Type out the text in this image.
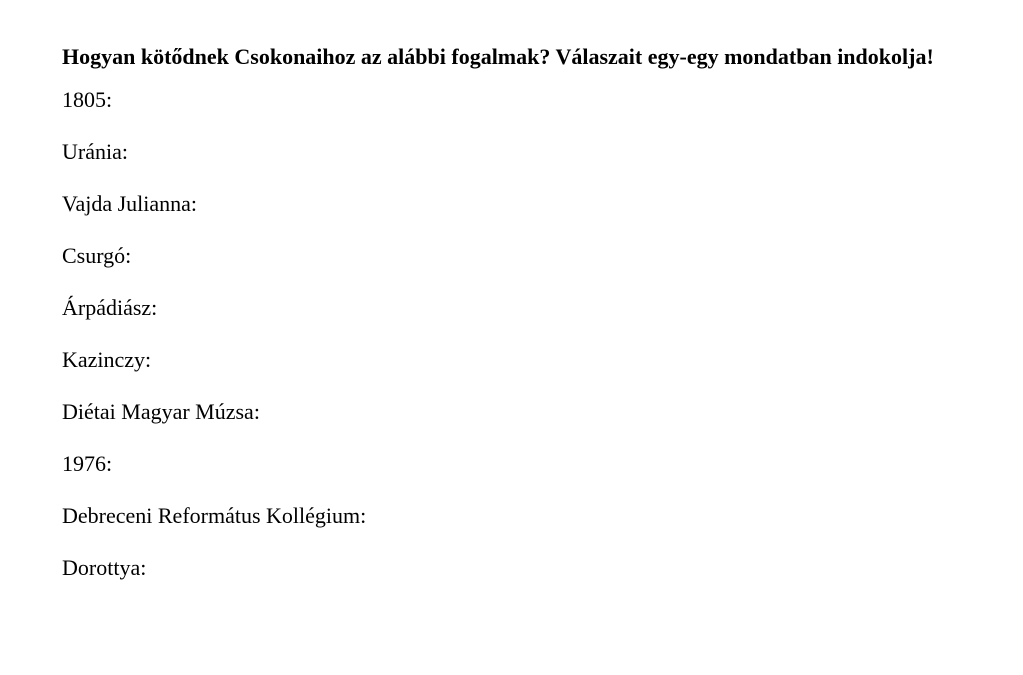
Hogyan kötődnek Csokonaihoz az alábbi fogalmak? Válaszait egy-egy mondatban indokolja!

1805:
Uránia:
Vajda Julianna:
Csurgó:
Árpádiász:
Kazinczy:
Diétai Magyar Múzsa:
1976:
Debreceni Református Kollégium:
Dorottya:
